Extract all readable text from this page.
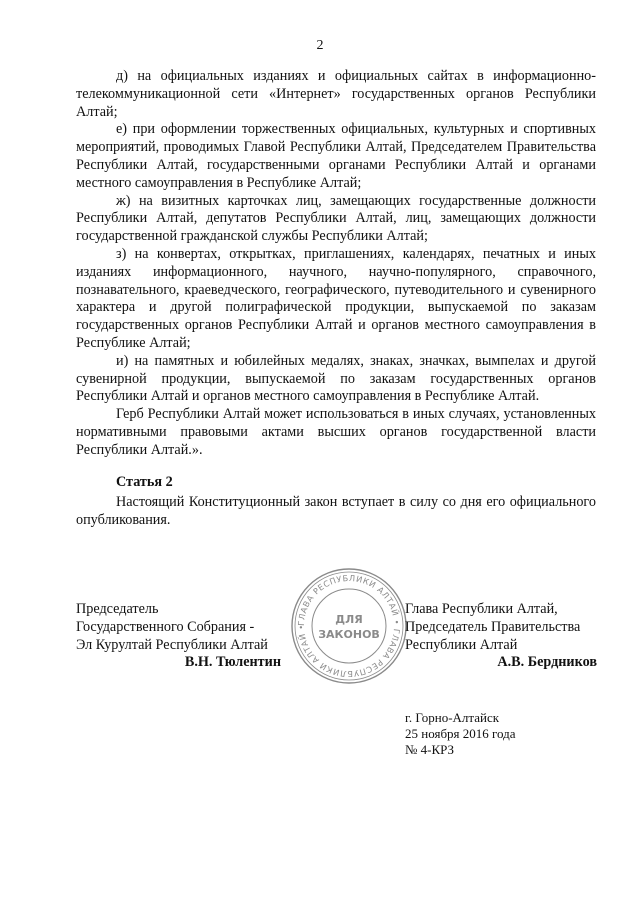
2

д) на официальных изданиях и официальных сайтах в информационно-телекоммуникационной сети «Интернет» государственных органов Республики Алтай;

е) при оформлении торжественных официальных, культурных и спортивных мероприятий, проводимых Главой Республики Алтай, Председателем Правительства Республики Алтай, государственными органами Республики Алтай и органами местного самоуправления в Республике Алтай;

ж) на визитных карточках лиц, замещающих государственные должности Республики Алтай, депутатов Республики Алтай, лиц, замещающих должности государственной гражданской службы Республики Алтай;

з) на конвертах, открытках, приглашениях, календарях, печатных и иных изданиях информационного, научного, научно-популярного, справочного, познавательного, краеведческого, географического, путеводительного и сувенирного характера и другой полиграфической продукции, выпускаемой по заказам государственных органов Республики Алтай и органов местного самоуправления в Республике Алтай;

и) на памятных и юбилейных медалях, знаках, значках, вымпелах и другой сувенирной продукции, выпускаемой по заказам государственных органов Республики Алтай и органов местного самоуправления в Республике Алтай.

Герб Республики Алтай может использоваться в иных случаях, установленных нормативными правовыми актами высших органов государственной власти Республики Алтай.».

Статья 2

Настоящий Конституционный закон вступает в силу со дня его официального опубликования.

Председатель
Государственного Собрания -
Эл Курултай Республики Алтай
В.Н. Тюлентин
ГЛАВА РЕСПУБЛИКИ АЛТАЙ • ГЛАВА РЕСПУБЛИКИ АЛТАЙ •
ДЛЯ
ЗАКОНОВ
Глава Республики Алтай,
Председатель Правительства
Республики Алтай
А.В. Бердников
г. Горно-Алтайск
25 ноября 2016 года
№ 4-КРЗ
